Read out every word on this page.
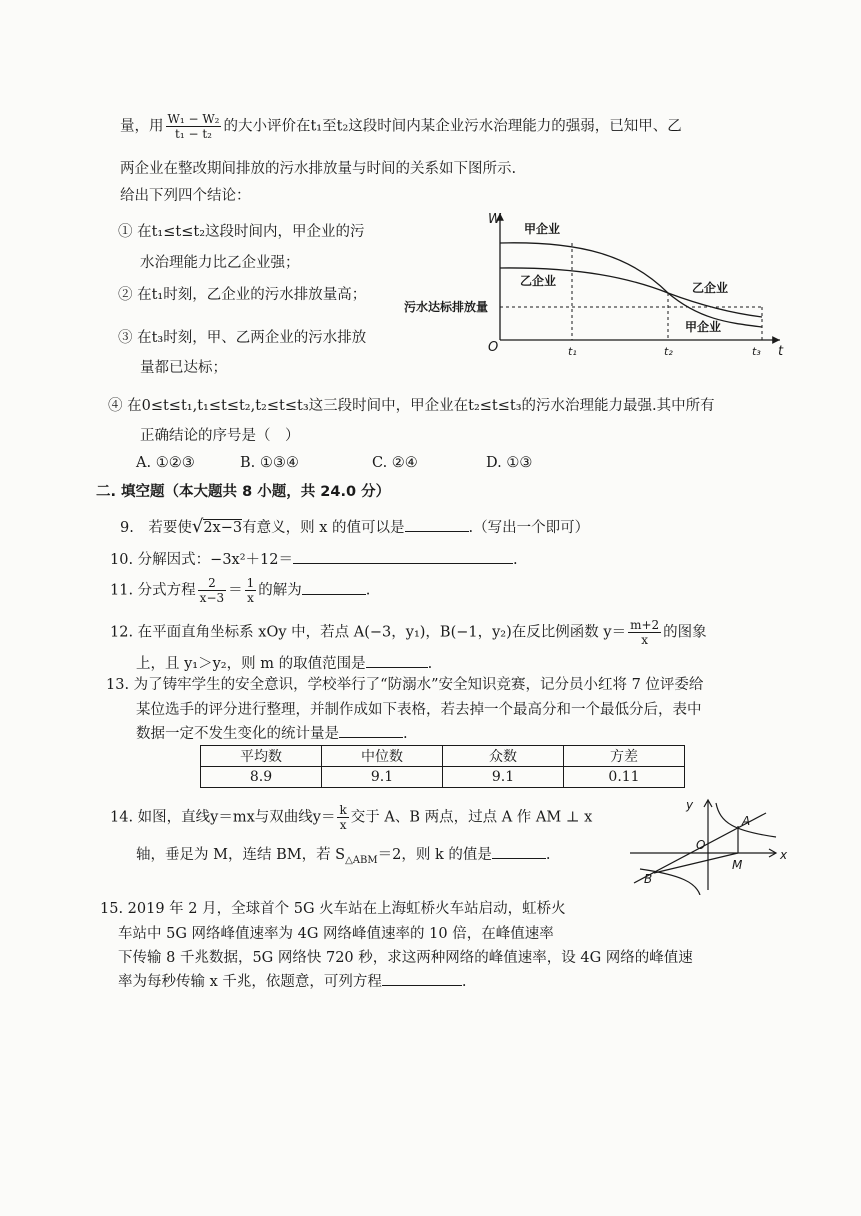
量，用 $\frac{\text{W₁ − W₂}}{\text{t₁ − t₂}}$ 的大小评价在t₁至t₂这段时间内某企业污水治理能力的强弱，已知甲、乙
两企业在整改期间排放的污水排放量与时间的关系如下图所示.
给出下列四个结论：
① 在t₁≤t≤t₂这段时间内，甲企业的污
水治理能力比乙企业强；
② 在t₁时刻，乙企业的污水排放量高；
③ 在t₃时刻，甲、乙两企业的污水排放
量都已达标；
④ 在0≤t≤t₁,t₁≤t≤t₂,t₂≤t≤t₃这三段时间中，甲企业在t₂≤t≤t₃的污水治理能力最强.其中所有
正确结论的序号是（　）
A. ①②③	B. ①③④	C. ②④	D. ①③
W
O	t
t₁	t₂	t₃
甲企业
乙企业	乙企业
甲企业
污水达标排放量
二. 填空题（本大题共 8 小题，共 24.0 分）
9.　若要使√2x−3有意义，则 x 的值可以是	.（写出一个即可）
10. 分解因式：−3x²＋12＝	.
11. 分式方程 $\frac{2}{x-3} = \frac{1}{x}$ 的解为	.
12. 在平面直角坐标系 xOy 中，若点 A(−3，y₁)，B(−1，y₂)在反比例函数 $y= \frac{m+2}{x}$ 的图象
上，且 y₁＞y₂，则 m 的取值范围是	.
13. 为了铸牢学生的安全意识，学校举行了“防溺水”安全知识竞赛，记分员小红将 7 位评委给
某位选手的评分进行整理，并制作成如下表格，若去掉一个最高分和一个最低分后，表中
数据一定不发生变化的统计量是	.
平均数	中位数	众数	方差
8.9	9.1	9.1	0.11
14. 如图，直线y＝mx与双曲线$y= \frac{k}{x}$ 交于 A、B 两点，过点 A 作 AM ⊥ x
轴，垂足为 M，连结 BM，若 $S_{\triangle ABM}=2$，则 k 的值是	.
y
x
O
A
B
M
15. 2019 年 2 月，全球首个 5G 火车站在上海虹桥火车站启动，虹桥火
车站中 5G 网络峰值速率为 4G 网络峰值速率的 10 倍，在峰值速率
下传输 8 千兆数据，5G 网络快 720 秒，求这两种网络的峰值速率，设 4G 网络的峰值速
率为每秒传输 x 千兆，依题意，可列方程	.
